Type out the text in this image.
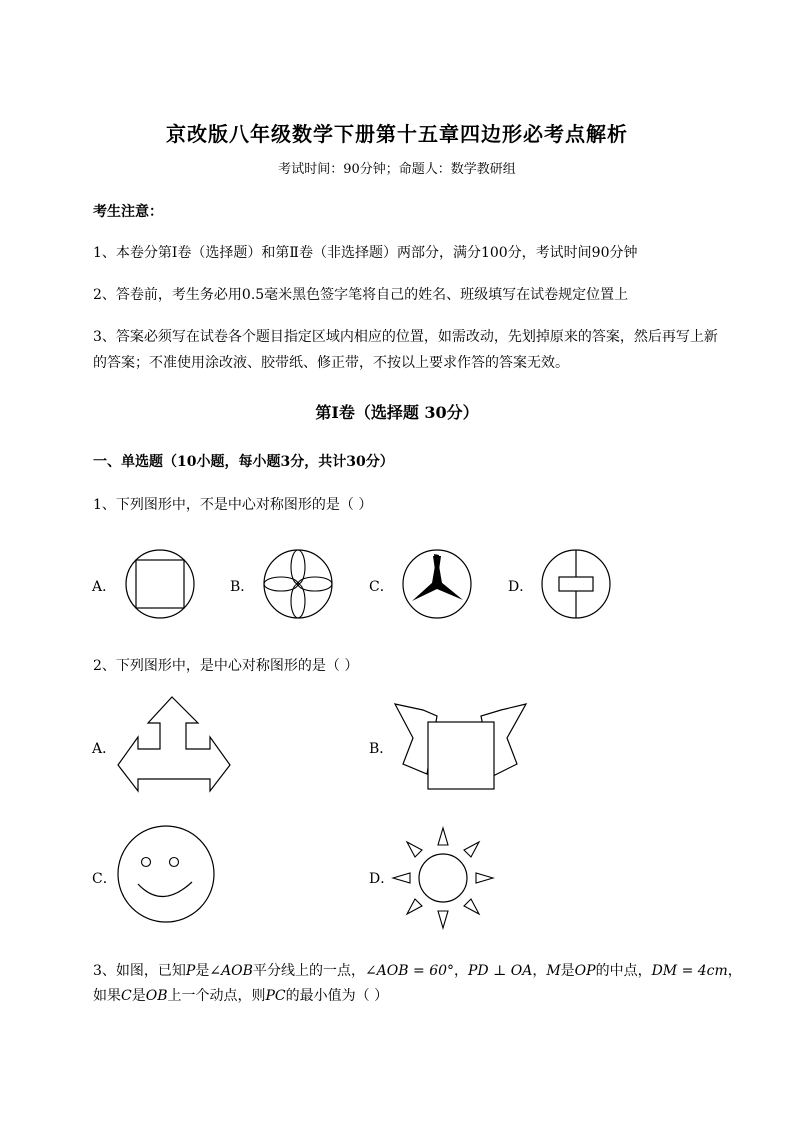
京改版八年级数学下册第十五章四边形必考点解析
考试时间：90分钟；命题人：数学教研组
考生注意：
1、本卷分第I卷（选择题）和第Ⅱ卷（非选择题）两部分，满分100分，考试时间90分钟
2、答卷前，考生务必用0.5毫米黑色签字笔将自己的姓名、班级填写在试卷规定位置上
3、答案必须写在试卷各个题目指定区域内相应的位置，如需改动，先划掉原来的答案，然后再写上新
的答案；不准使用涂改液、胶带纸、修正带，不按以上要求作答的答案无效。
第I卷（选择题 30分）
一、单选题（10小题，每小题3分，共计30分）
1、下列图形中，不是中心对称图形的是（ ）
A．	B．	C．	D．
2、下列图形中，是中心对称图形的是（ ）
A．	B．
C．	D．
3、如图，已知P是∠AOB平分线上的一点，∠AOB = 60°，PD ⊥ OA，M是OP的中点，DM = 4cm，
如果C是OB上一个动点，则PC的最小值为（ ）
